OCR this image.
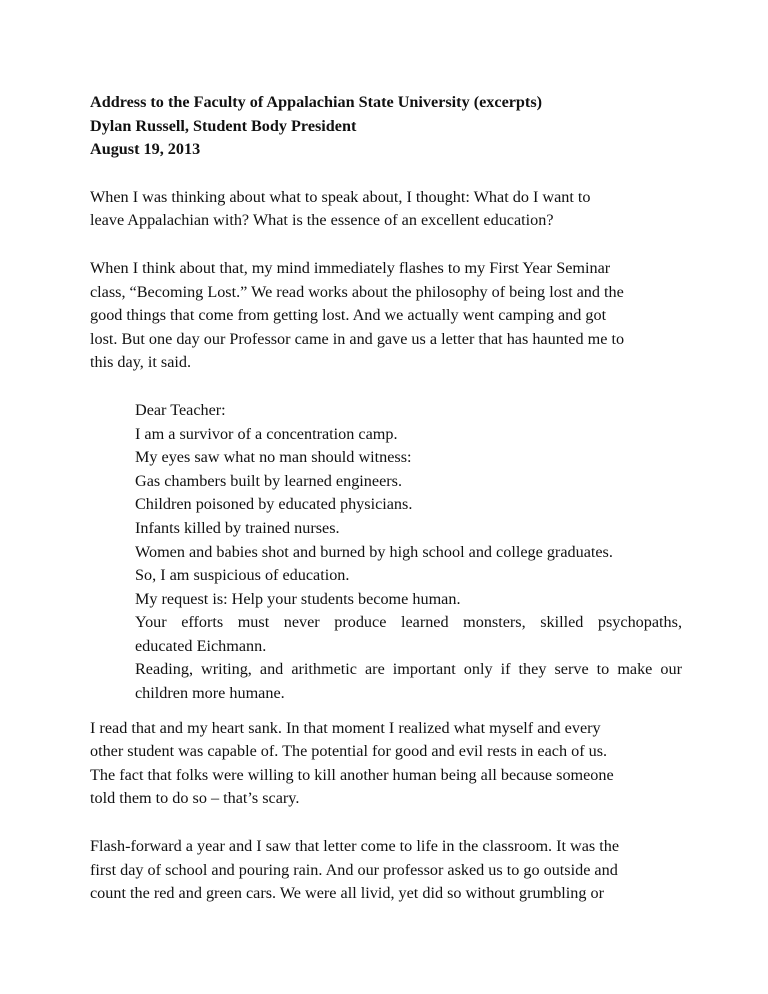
Address to the Faculty of Appalachian State University (excerpts)
Dylan Russell, Student Body President
August 19, 2013

When I was thinking about what to speak about, I thought: What do I want to
leave Appalachian with? What is the essence of an excellent education?

When I think about that, my mind immediately flashes to my First Year Seminar
class, “Becoming Lost.” We read works about the philosophy of being lost and the
good things that come from getting lost. And we actually went camping and got
lost. But one day our Professor came in and gave us a letter that has haunted me to
this day, it said.

Dear Teacher:
I am a survivor of a concentration camp.
My eyes saw what no man should witness:
Gas chambers built by learned engineers.
Children poisoned by educated physicians.
Infants killed by trained nurses.
Women and babies shot and burned by high school and college graduates.
So, I am suspicious of education.
My request is: Help your students become human.
Your efforts must never produce learned monsters, skilled psychopaths,
educated Eichmann.
Reading, writing, and arithmetic are important only if they serve to make our
children more humane.

I read that and my heart sank. In that moment I realized what myself and every
other student was capable of. The potential for good and evil rests in each of us.
The fact that folks were willing to kill another human being all because someone
told them to do so – that’s scary.

Flash-forward a year and I saw that letter come to life in the classroom. It was the
first day of school and pouring rain. And our professor asked us to go outside and
count the red and green cars. We were all livid, yet did so without grumbling or
